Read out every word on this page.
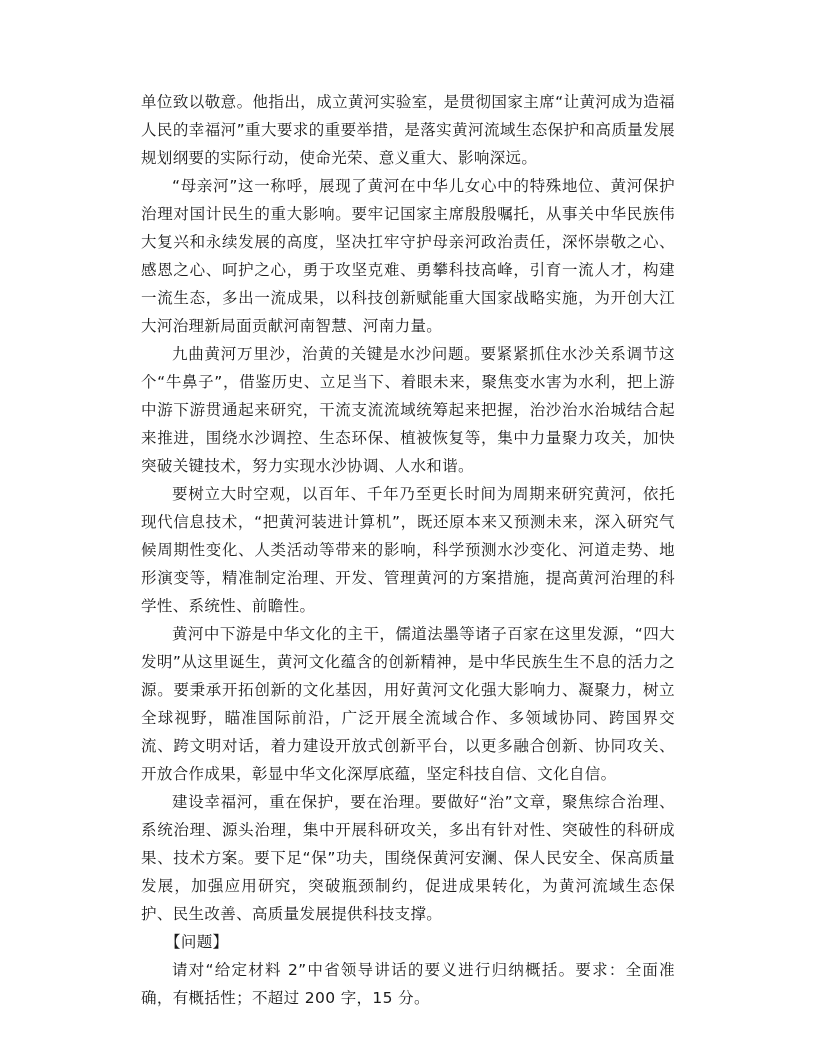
单位致以敬意。他指出，成立黄河实验室，是贯彻国家主席“让黄河成为造福人民的幸福河”重大要求的重要举措，是落实黄河流域生态保护和高质量发展规划纲要的实际行动，使命光荣、意义重大、影响深远。

“母亲河”这一称呼，展现了黄河在中华儿女心中的特殊地位、黄河保护治理对国计民生的重大影响。要牢记国家主席殷殷嘱托，从事关中华民族伟大复兴和永续发展的高度，坚决扛牢守护母亲河政治责任，深怀崇敬之心、感恩之心、呵护之心，勇于攻坚克难、勇攀科技高峰，引育一流人才，构建一流生态，多出一流成果，以科技创新赋能重大国家战略实施，为开创大江大河治理新局面贡献河南智慧、河南力量。

九曲黄河万里沙，治黄的关键是水沙问题。要紧紧抓住水沙关系调节这个“牛鼻子”，借鉴历史、立足当下、着眼未来，聚焦变水害为水利，把上游中游下游贯通起来研究，干流支流流域统筹起来把握，治沙治水治城结合起来推进，围绕水沙调控、生态环保、植被恢复等，集中力量聚力攻关，加快突破关键技术，努力实现水沙协调、人水和谐。

要树立大时空观，以百年、千年乃至更长时间为周期来研究黄河，依托现代信息技术，“把黄河装进计算机”，既还原本来又预测未来，深入研究气候周期性变化、人类活动等带来的影响，科学预测水沙变化、河道走势、地形演变等，精准制定治理、开发、管理黄河的方案措施，提高黄河治理的科学性、系统性、前瞻性。

黄河中下游是中华文化的主干，儒道法墨等诸子百家在这里发源，“四大发明”从这里诞生，黄河文化蕴含的创新精神，是中华民族生生不息的活力之源。要秉承开拓创新的文化基因，用好黄河文化强大影响力、凝聚力，树立全球视野，瞄准国际前沿，广泛开展全流域合作、多领域协同、跨国界交流、跨文明对话，着力建设开放式创新平台，以更多融合创新、协同攻关、开放合作成果，彰显中华文化深厚底蕴，坚定科技自信、文化自信。

建设幸福河，重在保护，要在治理。要做好“治”文章，聚焦综合治理、系统治理、源头治理，集中开展科研攻关，多出有针对性、突破性的科研成果、技术方案。要下足“保”功夫，围绕保黄河安澜、保人民安全、保高质量发展，加强应用研究，突破瓶颈制约，促进成果转化，为黄河流域生态保护、民生改善、高质量发展提供科技支撑。

【问题】

请对“给定材料 2”中省领导讲话的要义进行归纳概括。要求：全面准确，有概括性；不超过 200 字，15 分。
